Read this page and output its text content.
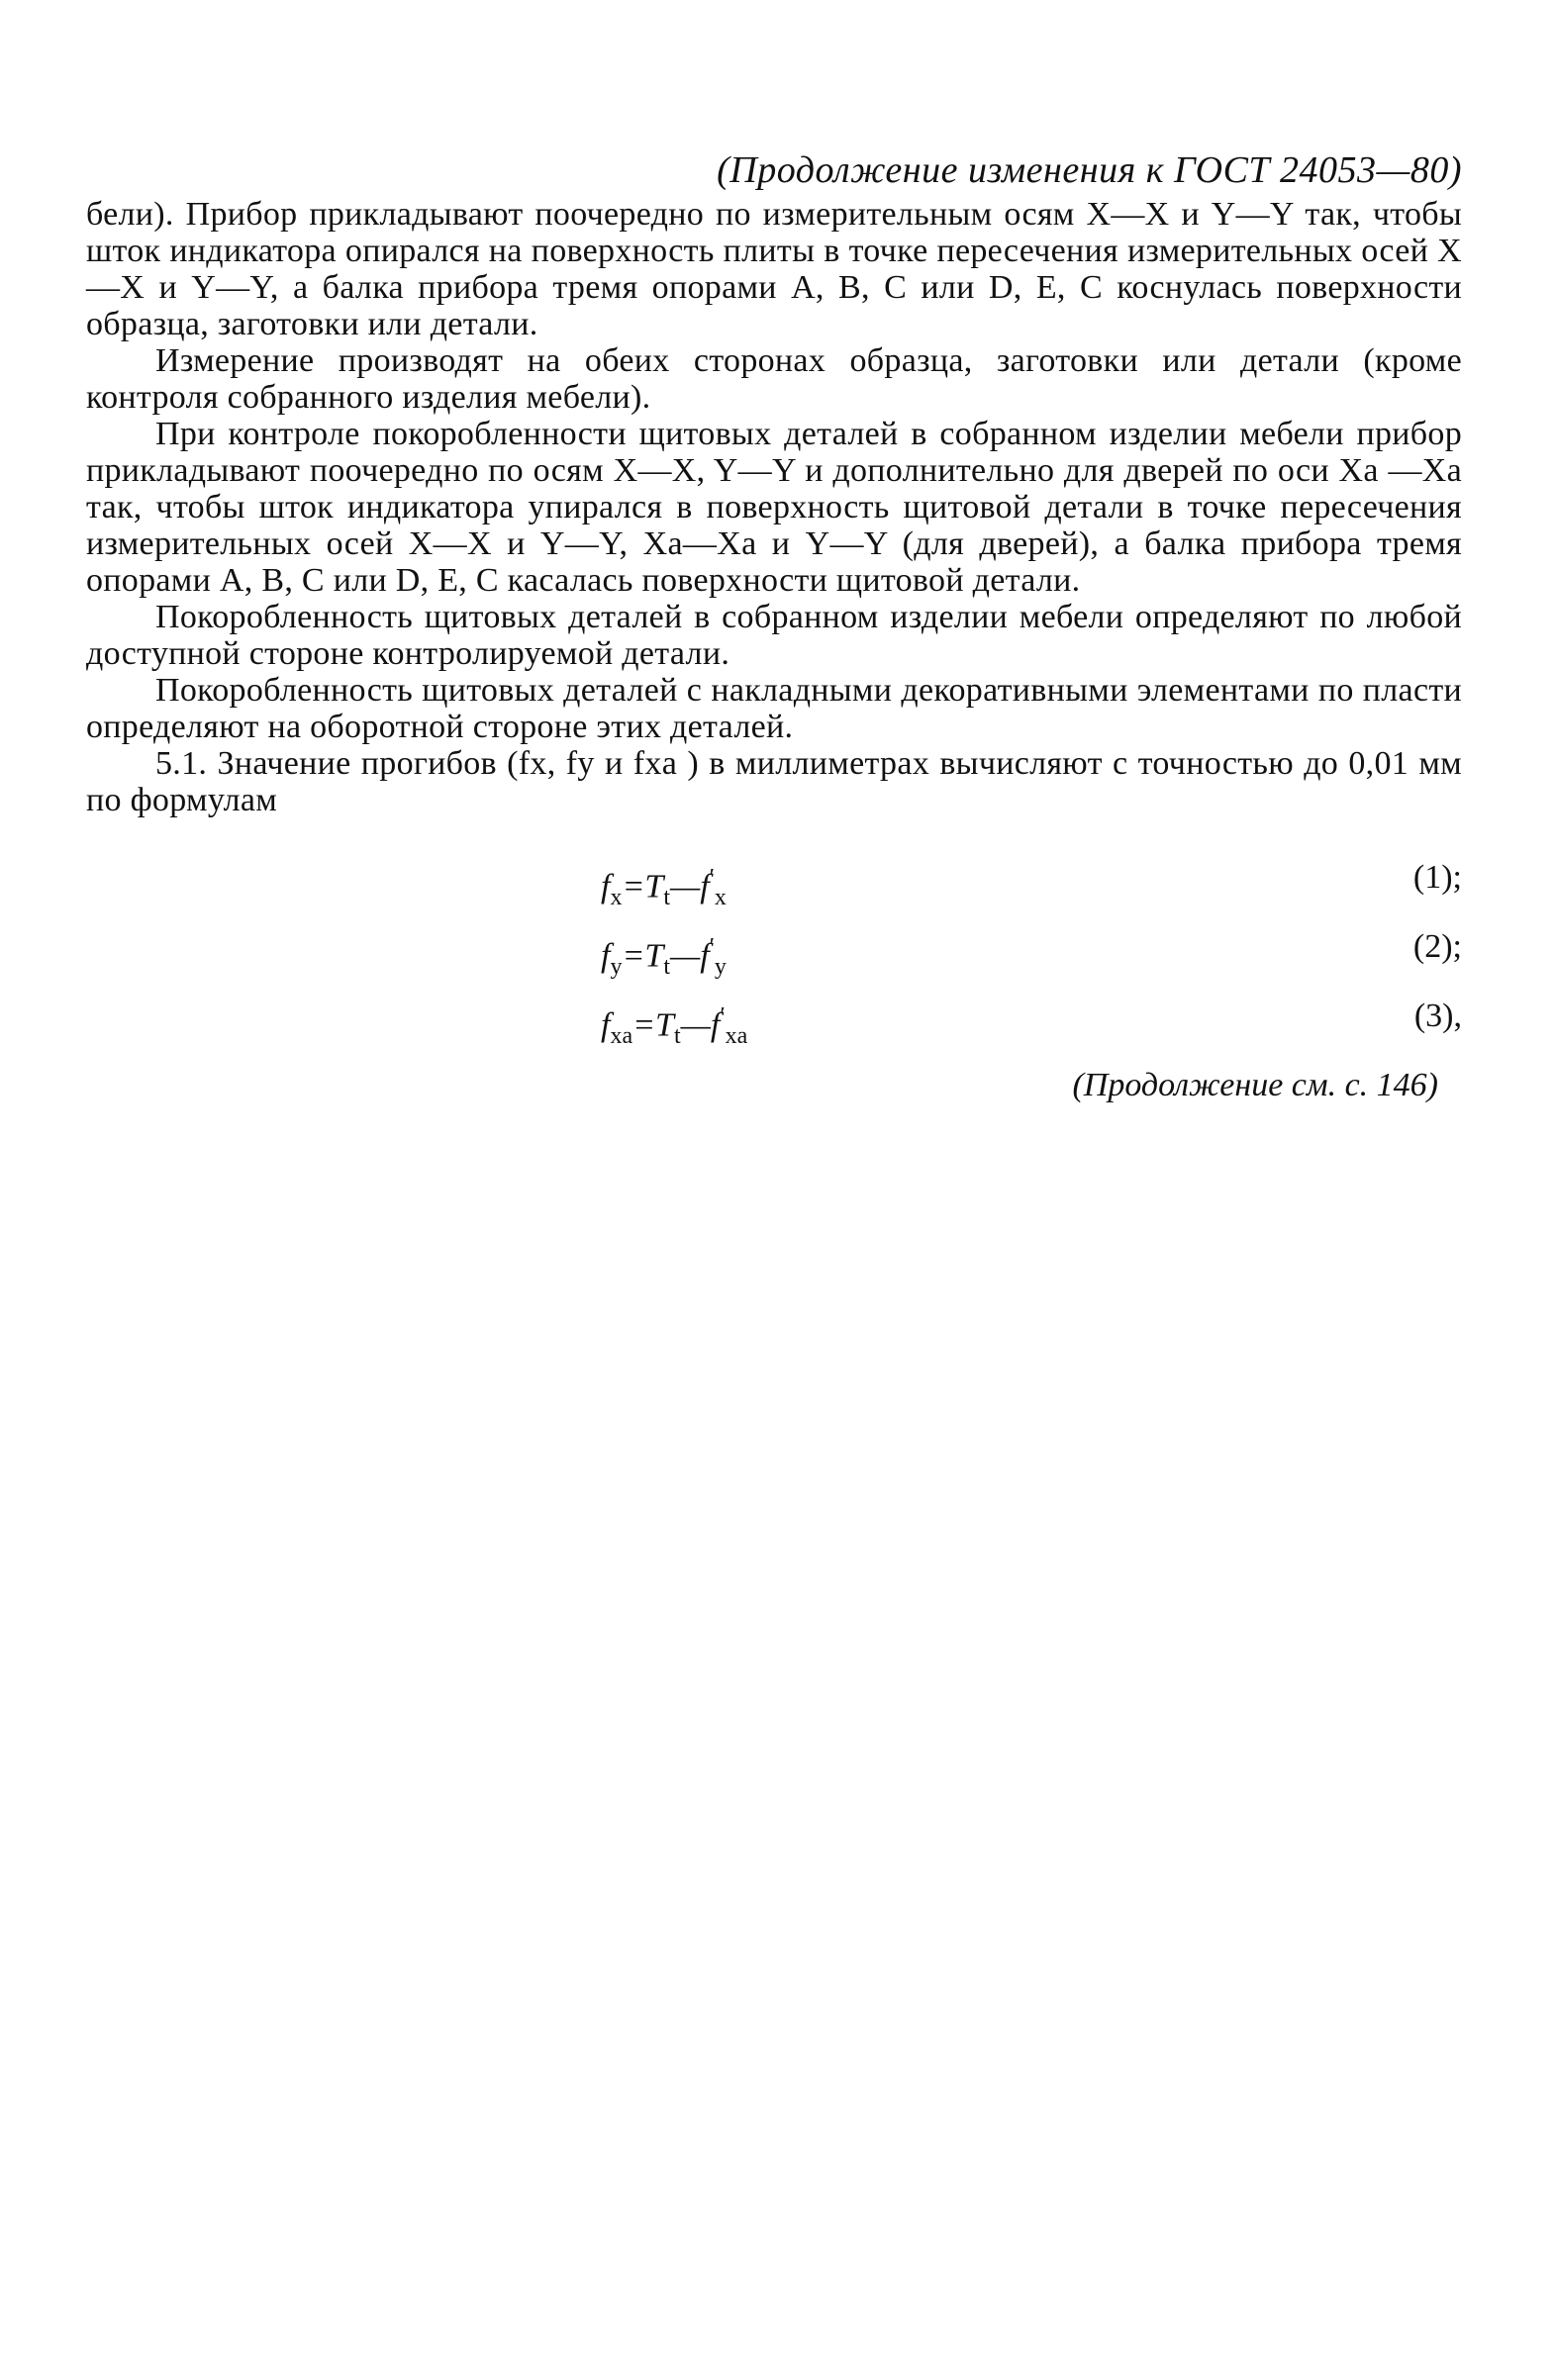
(Продолжение изменения к ГОСТ 24053—80)

бели). Прибор прикладывают поочередно по измерительным осям X—X и Y—Y так, чтобы шток индикатора опирался на поверхность плиты в точке пересечения измерительных осей X—X и Y—Y, а балка прибора тремя опорами A, B, C или D, E, C коснулась поверхности образца, заготовки или детали.

Измерение производят на обеих сторонах образца, заготовки или детали (кроме контроля собранного изделия мебели).

При контроле покоробленности щитовых деталей в собранном изделии мебели прибор прикладывают поочередно по осям X—X, Y—Y и дополнительно для дверей по оси Xa —Xa так, чтобы шток индикатора упирался в поверхность щитовой детали в точке пересечения измерительных осей X—X и Y—Y, Xa—Xa и Y—Y (для дверей), а балка прибора тремя опорами A, B, C или D, E, C касалась поверхности щитовой детали.

Покоробленность щитовых деталей в собранном изделии мебели определяют по любой доступной стороне контролируемой детали.

Покоробленность щитовых деталей с накладными декоративными элементами по пласти определяют на оборотной стороне этих деталей.

5.1. Значение прогибов (fx, fy и fxa ) в миллиметрах вычисляют с точностью до 0,01 мм по формулам

$f_x=T_t—f'_x$
(1);
$f_y=T_t—f'_y$
(2);
$f_{xa}=T_t—f'_{xa}$
(3),
(Продолжение см. с. 146)
